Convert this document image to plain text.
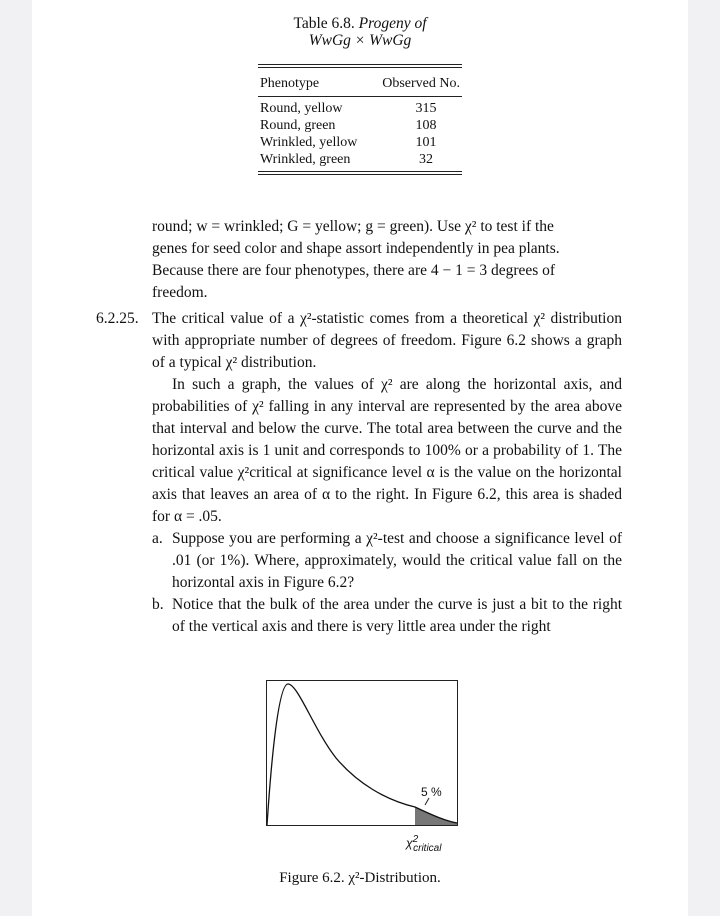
Table 6.8. Progeny of
WwGg × WwGg
Phenotype	Observed No.
Round, yellow	315
Round, green	108
Wrinkled, yellow	101
Wrinkled, green	32
round; w = wrinkled; G = yellow; g = green). Use χ² to test if the
genes for seed color and shape assort independently in pea plants.
Because there are four phenotypes, there are 4 − 1 = 3 degrees of
freedom.
6.2.25. The critical value of a χ²-statistic comes from a theoretical χ² distribution with appropriate number of degrees of freedom. Figure 6.2 shows a graph of a typical χ² distribution.
In such a graph, the values of χ² are along the horizontal axis, and probabilities of χ² falling in any interval are represented by the area above that interval and below the curve. The total area between the curve and the horizontal axis is 1 unit and corresponds to 100% or a probability of 1. The critical value χ²critical at significance level α is the value on the horizontal axis that leaves an area of α to the right. In Figure 6.2, this area is shaded for α = .05.
a. Suppose you are performing a χ²-test and choose a significance level of .01 (or 1%). Where, approximately, would the critical value fall on the horizontal axis in Figure 6.2?
b. Notice that the bulk of the area under the curve is just a bit to the right of the vertical axis and there is very little area under the right
5 %
$\chi^2_{critical}$
Figure 6.2. χ²-Distribution.
